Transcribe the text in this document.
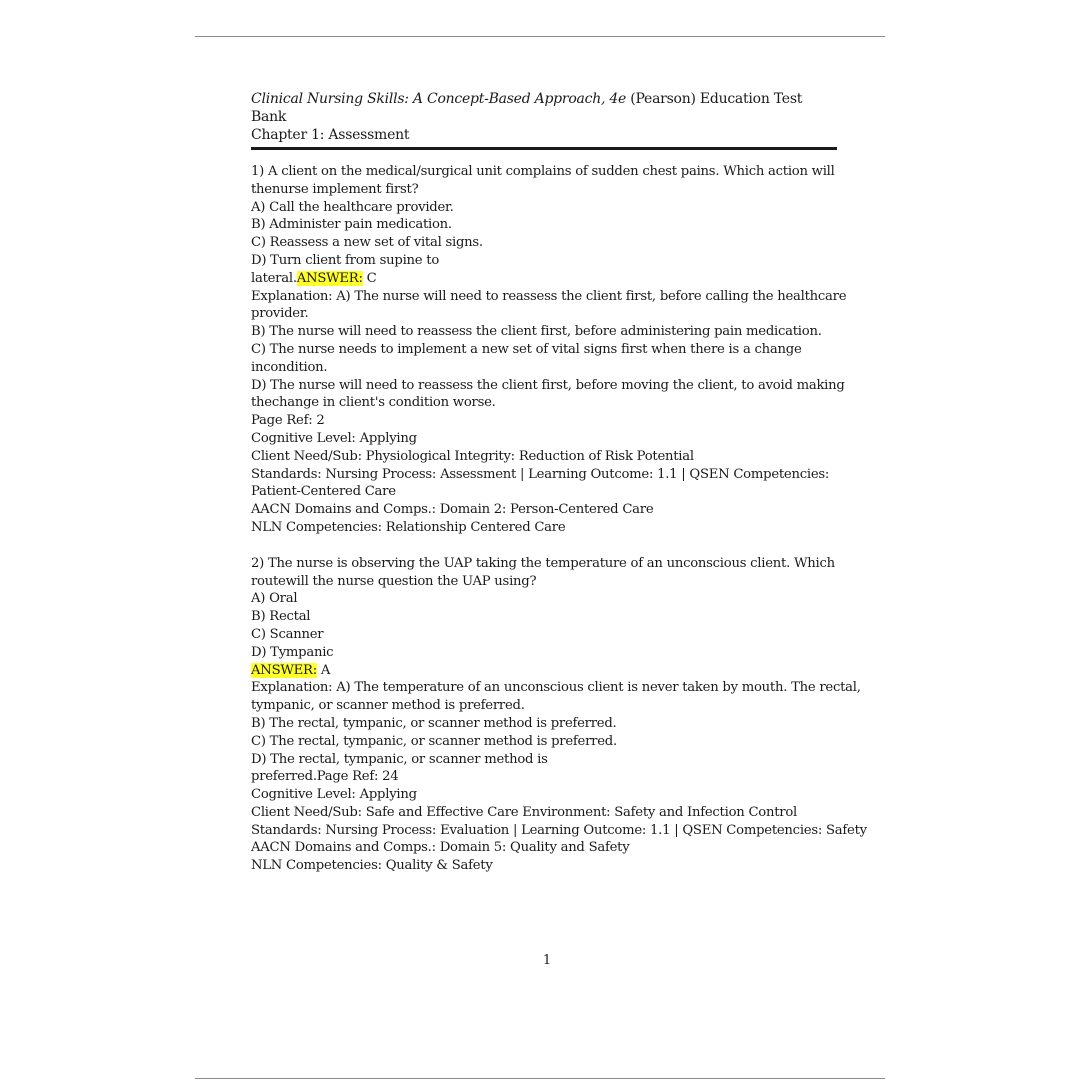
Clinical Nursing Skills: A Concept-Based Approach, 4e (Pearson) Education Test Bank
Chapter 1: Assessment
1) A client on the medical/surgical unit complains of sudden chest pains. Which action will
thenurse implement first?
A) Call the healthcare provider.
B) Administer pain medication.
C) Reassess a new set of vital signs.
D) Turn client from supine to
lateral.ANSWER: C
Explanation: A) The nurse will need to reassess the client first, before calling the healthcare
provider.
B) The nurse will need to reassess the client first, before administering pain medication.
C) The nurse needs to implement a new set of vital signs first when there is a change
incondition.
D) The nurse will need to reassess the client first, before moving the client, to avoid making
thechange in client's condition worse.
Page Ref: 2
Cognitive Level: Applying
Client Need/Sub: Physiological Integrity: Reduction of Risk Potential
Standards: Nursing Process: Assessment | Learning Outcome: 1.1 | QSEN Competencies:
Patient-Centered Care
AACN Domains and Comps.: Domain 2: Person-Centered Care
NLN Competencies: Relationship Centered Care
2) The nurse is observing the UAP taking the temperature of an unconscious client. Which
routewill the nurse question the UAP using?
A) Oral
B) Rectal
C) Scanner
D) Tympanic
ANSWER: A
Explanation: A) The temperature of an unconscious client is never taken by mouth. The rectal,
tympanic, or scanner method is preferred.
B) The rectal, tympanic, or scanner method is preferred.
C) The rectal, tympanic, or scanner method is preferred.
D) The rectal, tympanic, or scanner method is
preferred.Page Ref: 24
Cognitive Level: Applying
Client Need/Sub: Safe and Effective Care Environment: Safety and Infection Control
Standards: Nursing Process: Evaluation | Learning Outcome: 1.1 | QSEN Competencies: Safety
AACN Domains and Comps.: Domain 5: Quality and Safety
NLN Competencies: Quality & Safety
1
